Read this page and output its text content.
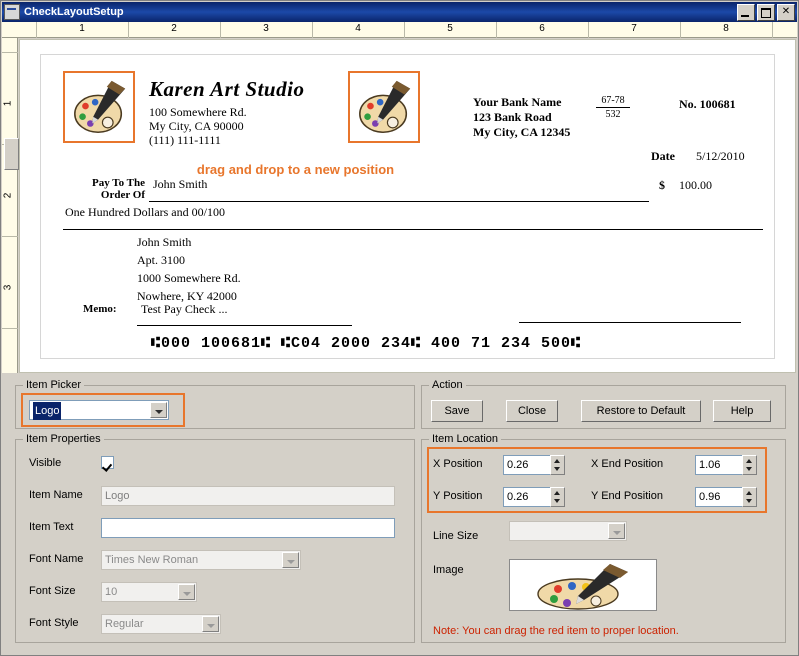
CheckLayoutSetup	✕
1	2	3	4	5	6	7	8
1
2
3
Karen Art Studio
100 Somewhere Rd.
My City, CA 90000
(111) 111-1111
drag and drop to a new position
Your Bank Name
123 Bank Road
My City, CA 12345
$\frac{67-78}{532}$	No. 100681
Date 5/12/2010
Pay To The
Order Of
John Smith	$ 100.00
One Hundred Dollars and 00/100
John Smith
Apt. 3100
1000 Somewhere Rd.
Nowhere, KY 42000
Memo: Test Pay Check ...
⑆000 100681⑆ ⑆C04 2000 234⑆ 400 71 234 500⑆
Item Picker
Logo
Action
Save	Close	Restore to Default	Help
Item Properties
Visible
Item Name	Logo
Item Text
Font Name	Times New Roman
Font Size	10
Font Style	Regular
Item Location
X Position	0.26	X End Position	1.06
Y Position	0.26	Y End Position	0.96
Line Size
Image
Note: You can drag the red item to proper location.
